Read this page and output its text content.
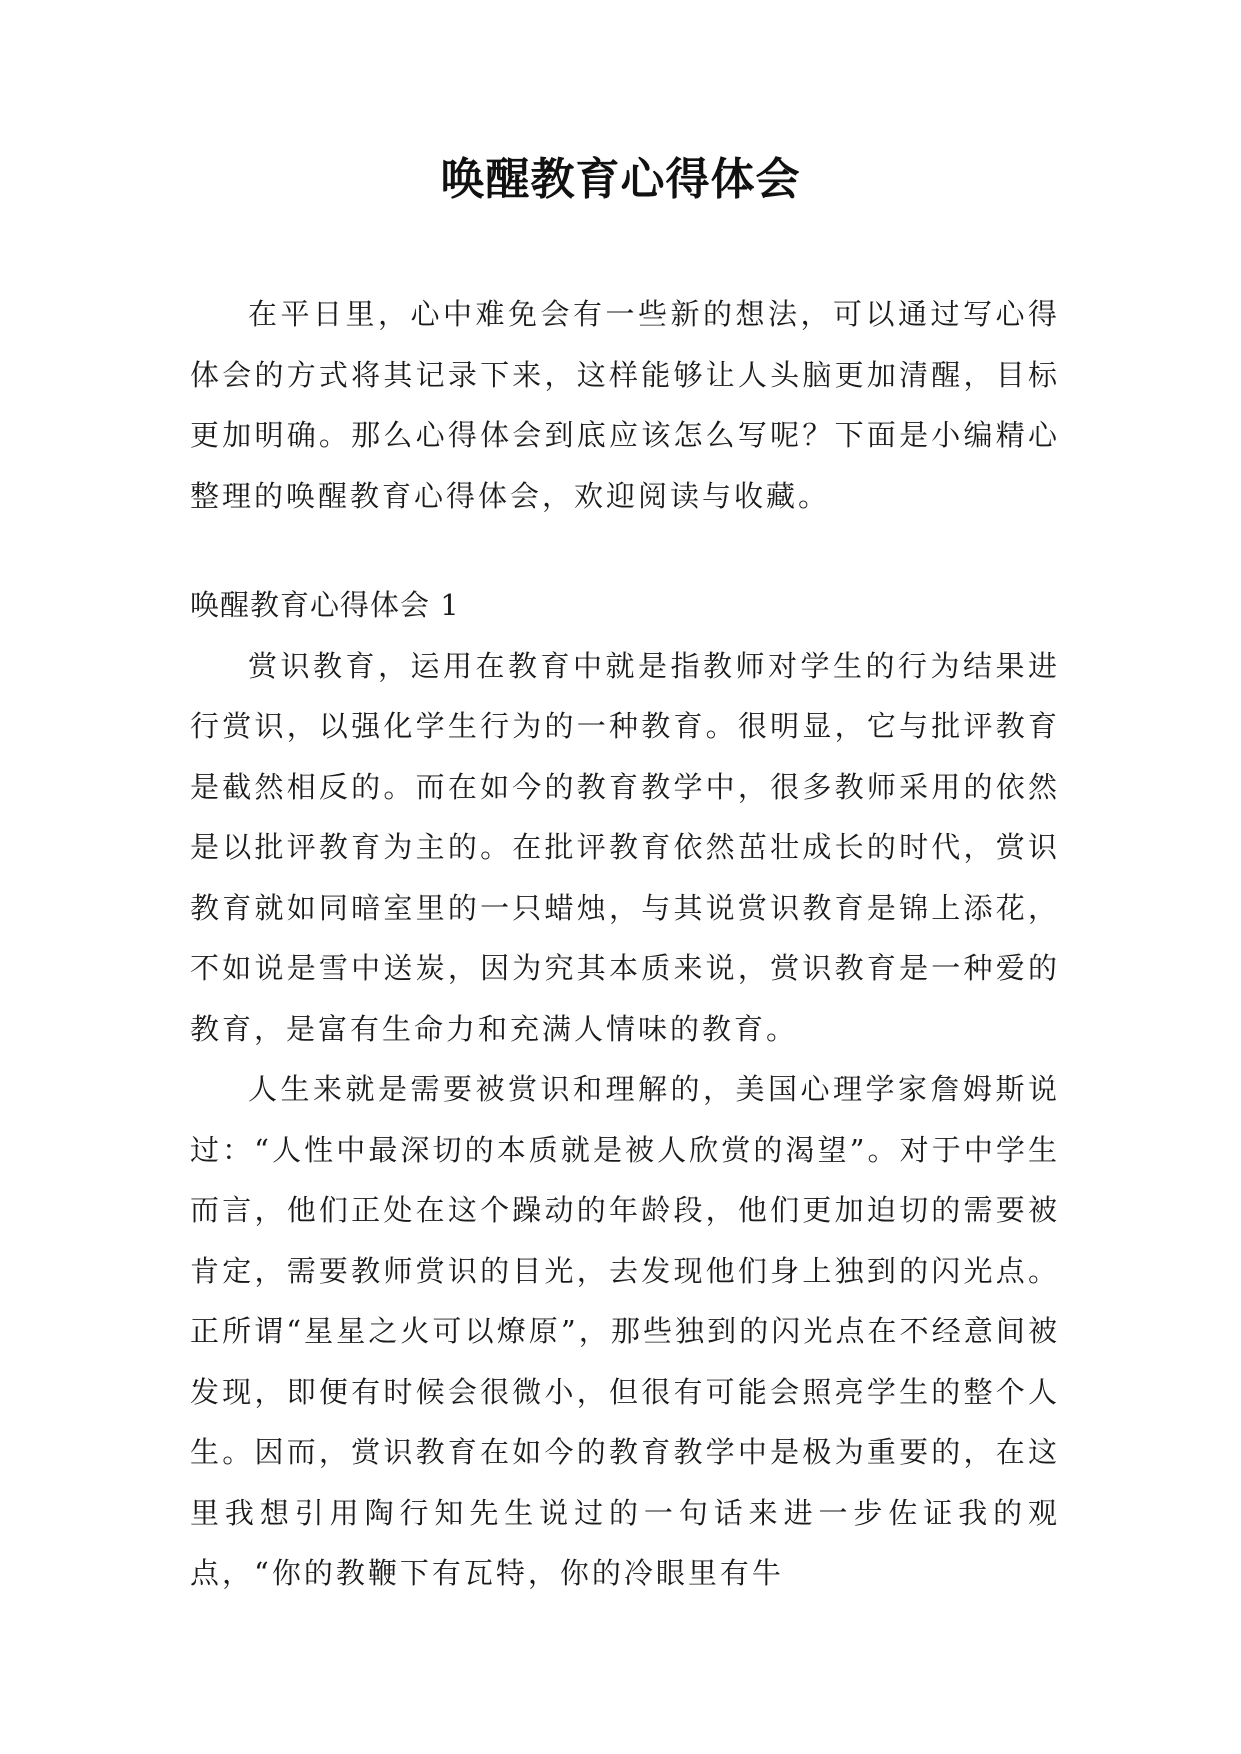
唤醒教育心得体会

在平日里，心中难免会有一些新的想法，可以通过写心得体会的方式将其记录下来，这样能够让人头脑更加清醒，目标更加明确。那么心得体会到底应该怎么写呢？下面是小编精心整理的唤醒教育心得体会，欢迎阅读与收藏。

唤醒教育心得体会 1

赏识教育，运用在教育中就是指教师对学生的行为结果进行赏识，以强化学生行为的一种教育。很明显，它与批评教育是截然相反的。而在如今的教育教学中，很多教师采用的依然是以批评教育为主的。在批评教育依然茁壮成长的时代，赏识教育就如同暗室里的一只蜡烛，与其说赏识教育是锦上添花，不如说是雪中送炭，因为究其本质来说，赏识教育是一种爱的教育，是富有生命力和充满人情味的教育。

人生来就是需要被赏识和理解的，美国心理学家詹姆斯说过：“人性中最深切的本质就是被人欣赏的渴望”。对于中学生而言，他们正处在这个躁动的年龄段，他们更加迫切的需要被肯定，需要教师赏识的目光，去发现他们身上独到的闪光点。正所谓“星星之火可以燎原”，那些独到的闪光点在不经意间被发现，即便有时候会很微小，但很有可能会照亮学生的整个人生。因而，赏识教育在如今的教育教学中是极为重要的，在这里我想引用陶行知先生说过的一句话来进一步佐证我的观点，“你的教鞭下有瓦特，你的冷眼里有牛
